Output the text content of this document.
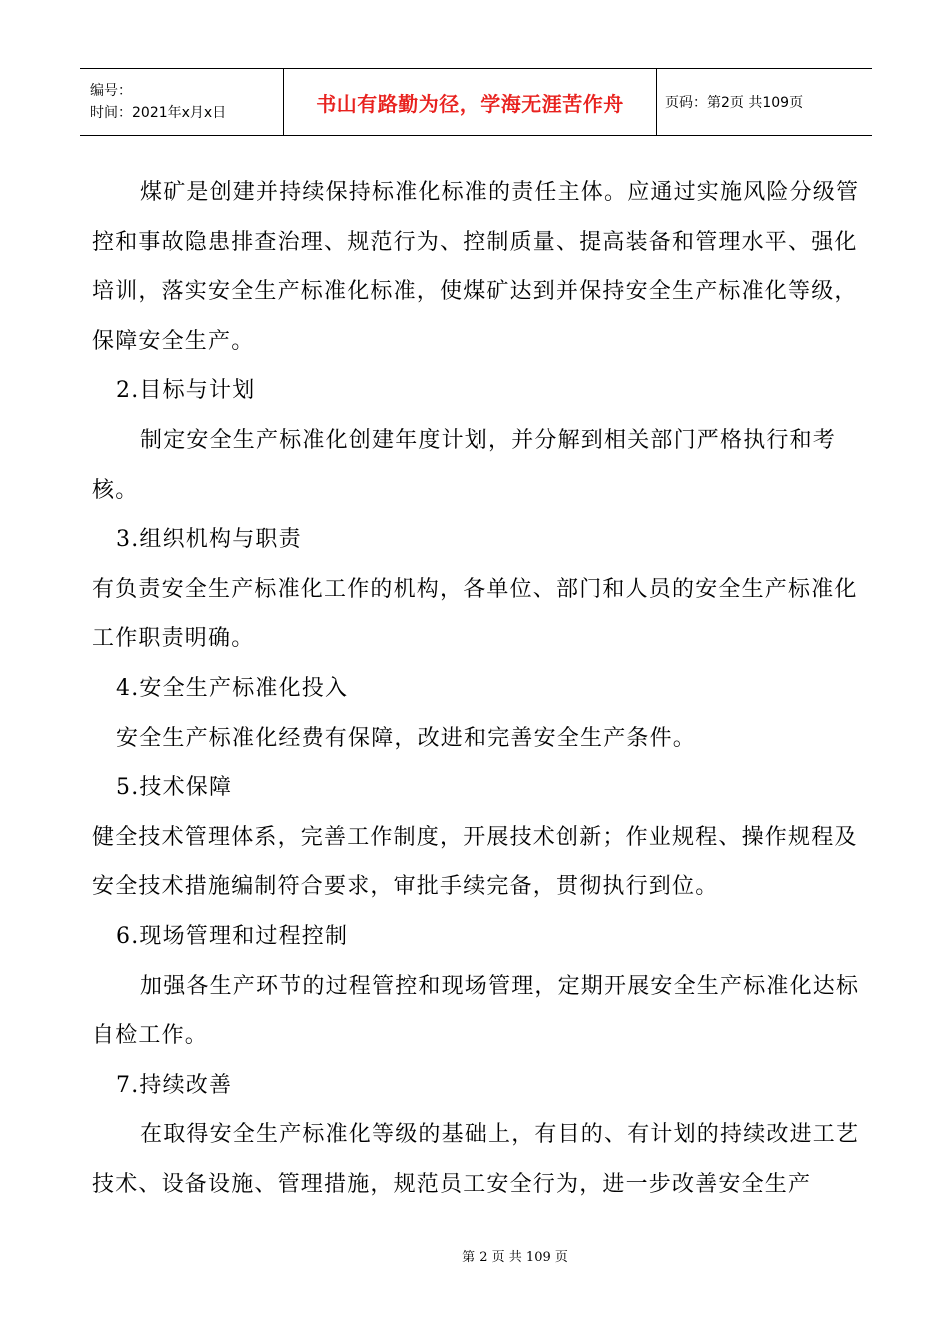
编号：
时间：2021年x月x日	书山有路勤为径，学海无涯苦作舟	页码：第2页 共109页

煤矿是创建并持续保持标准化标准的责任主体。应通过实施风险分级管控和事故隐患排查治理、规范行为、控制质量、提高装备和管理水平、强化培训，落实安全生产标准化标准，使煤矿达到并保持安全生产标准化等级，保障安全生产。

2.目标与计划

制定安全生产标准化创建年度计划，并分解到相关部门严格执行和考核。

3.组织机构与职责

有负责安全生产标准化工作的机构，各单位、部门和人员的安全生产标准化工作职责明确。

4.安全生产标准化投入

安全生产标准化经费有保障，改进和完善安全生产条件。

5.技术保障

健全技术管理体系，完善工作制度，开展技术创新；作业规程、操作规程及安全技术措施编制符合要求，审批手续完备，贯彻执行到位。

6.现场管理和过程控制

加强各生产环节的过程管控和现场管理，定期开展安全生产标准化达标自检工作。

7.持续改善

在取得安全生产标准化等级的基础上，有目的、有计划的持续改进工艺技术、设备设施、管理措施，规范员工安全行为，进一步改善安全生产

第 2 页 共 109 页
